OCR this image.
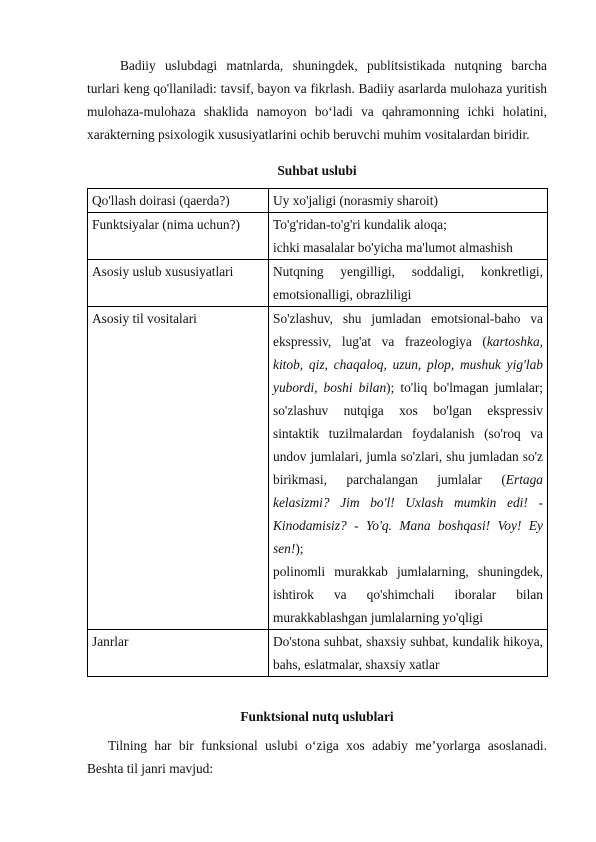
Badiiy uslubdagi matnlarda, shuningdek, publitsistikada nutqning barcha turlari keng qo'llaniladi: tavsif, bayon va fikrlash. Badiiy asarlarda mulohaza yuritish mulohaza-mulohaza shaklida namoyon bo‘ladi va qahramonning ichki holatini, xarakterning psixologik xususiyatlarini ochib beruvchi muhim vositalardan biridir.

Suhbat uslubi

Qo'llash doirasi (qaerda?)	Uy xo'jaligi (norasmiy sharoit)
Funktsiyalar (nima uchun?)	To'g'ridan-to'g'ri kundalik aloqa;
ichki masalalar bo'yicha ma'lumot almashish

Asosiy uslub xususiyatlari	Nutqning yengilligi, soddaligi, konkretligi, emotsionalligi, obrazliligi
Asosiy til vositalari	So'zlashuv, shu jumladan emotsional-baho va ekspressiv, lug'at va frazeologiya (kartoshka, kitob, qiz, chaqaloq, uzun, plop, mushuk yig'lab yubordi, boshi bilan); to'liq bo'lmagan jumlalar; so'zlashuv nutqiga xos bo'lgan ekspressiv sintaktik tuzilmalardan foydalanish (so'roq va undov jumlalari, jumla so'zlari, shu jumladan so'z birikmasi, parchalangan jumlalar (Ertaga kelasizmi? Jim bo'l! Uxlash mumkin edi! - Kinodamisiz? - Yo'q. Mana boshqasi! Voy! Ey sen!);
polinomli murakkab jumlalarning, shuningdek, ishtirok va qo'shimchali iboralar bilan murakkablashgan jumlalarning yo'qligi

Janrlar	Do'stona suhbat, shaxsiy suhbat, kundalik hikoya, bahs, eslatmalar, shaxsiy xatlar

Funktsional nutq uslublari

Tilning har bir funksional uslubi o‘ziga xos adabiy me’yorlarga asoslanadi. Beshta til janri mavjud:
